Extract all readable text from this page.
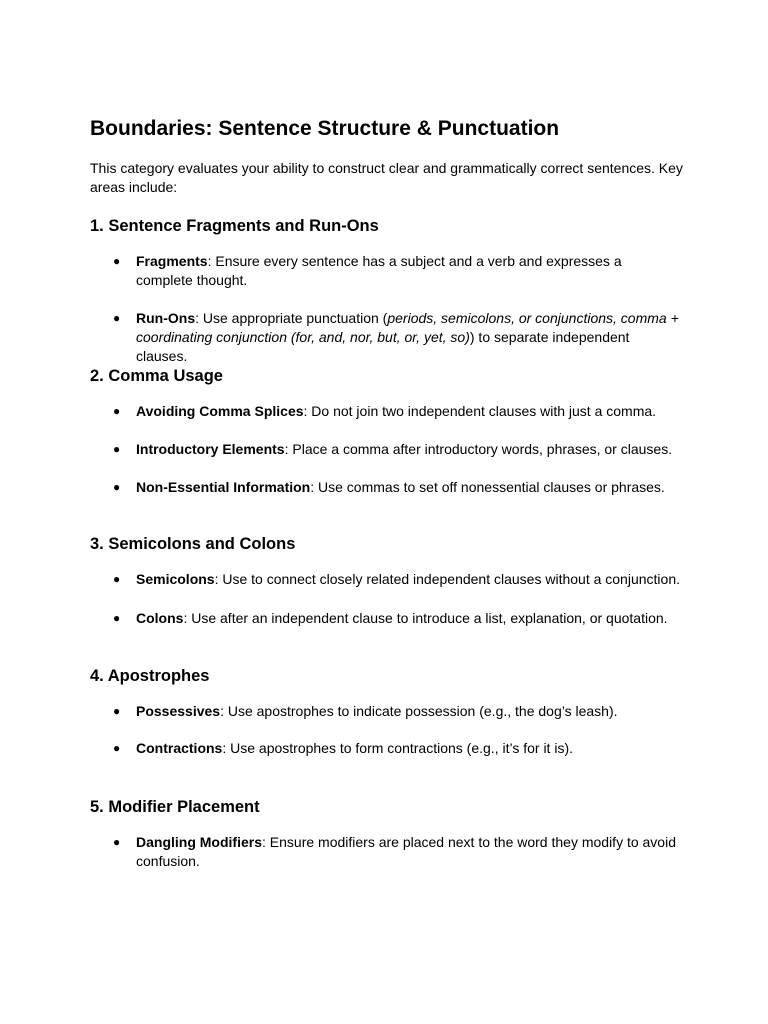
Boundaries: Sentence Structure & Punctuation

This category evaluates your ability to construct clear and grammatically correct sentences. Key areas include:

1. Sentence Fragments and Run-Ons
●	Fragments: Ensure every sentence has a subject and a verb and expresses a complete thought.
●	Run-Ons: Use appropriate punctuation (periods, semicolons, or conjunctions, comma + coordinating conjunction (for, and, nor, but, or, yet, so)) to separate independent clauses.
2. Comma Usage
●	Avoiding Comma Splices: Do not join two independent clauses with just a comma.
●	Introductory Elements: Place a comma after introductory words, phrases, or clauses.
●	Non-Essential Information: Use commas to set off nonessential clauses or phrases.
3. Semicolons and Colons
●	Semicolons: Use to connect closely related independent clauses without a conjunction.
●	Colons: Use after an independent clause to introduce a list, explanation, or quotation.
4. Apostrophes
●	Possessives: Use apostrophes to indicate possession (e.g., the dog’s leash).
●	Contractions: Use apostrophes to form contractions (e.g., it’s for it is).
5. Modifier Placement
●	Dangling Modifiers: Ensure modifiers are placed next to the word they modify to avoid confusion.
